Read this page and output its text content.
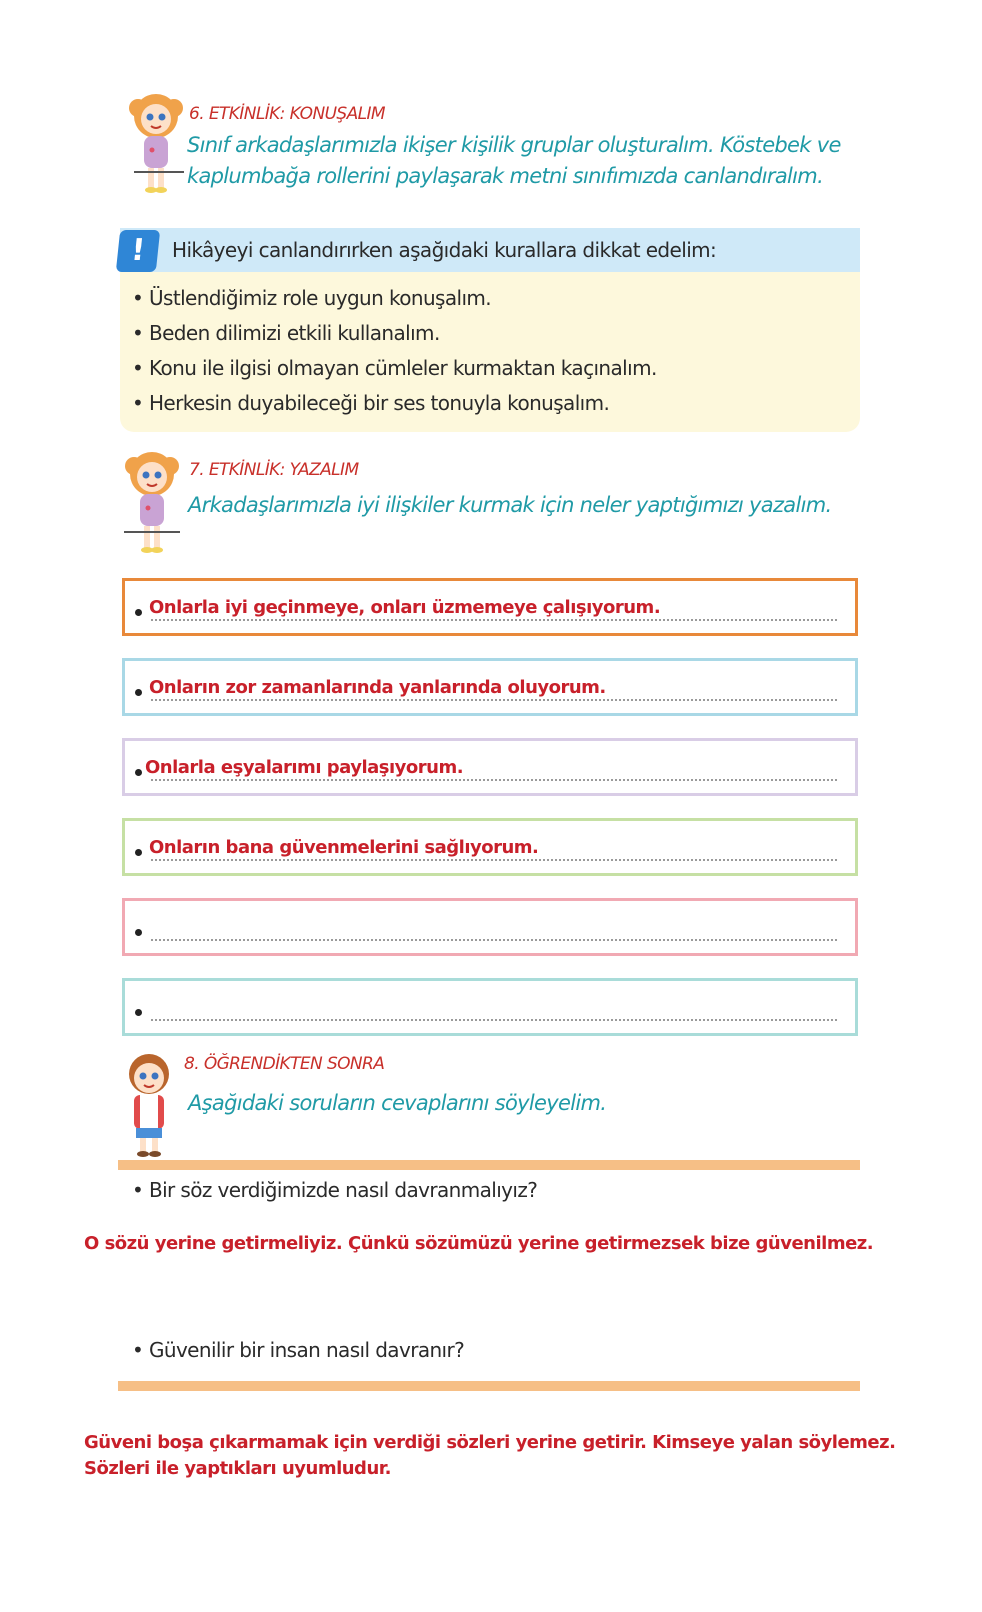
6. ETKİNLİK: KONUŞALIM
Sınıf arkadaşlarımızla ikişer kişilik gruplar oluşturalım. Köstebek ve
kaplumbağa rollerini paylaşarak metni sınıfımızda canlandıralım.
!	Hikâyeyi canlandırırken aşağıdaki kurallara dikkat edelim:
• Üstlendiğimiz role uygun konuşalım.
• Beden dilimizi etkili kullanalım.
• Konu ile ilgisi olmayan cümleler kurmaktan kaçınalım.
• Herkesin duyabileceği bir ses tonuyla konuşalım.
7. ETKİNLİK: YAZALIM
Arkadaşlarımızla iyi ilişkiler kurmak için neler yaptığımızı yazalım.
Onlarla iyi geçinmeye, onları üzmemeye çalışıyorum.
Onların zor zamanlarında yanlarında oluyorum.
Onlarla eşyalarımı paylaşıyorum.
Onların bana güvenmelerini sağlıyorum.
8. ÖĞRENDİKTEN SONRA
Aşağıdaki soruların cevaplarını söyleyelim.
• Bir söz verdiğimizde nasıl davranmalıyız?
O sözü yerine getirmeliyiz. Çünkü sözümüzü yerine getirmezsek bize güvenilmez.
• Güvenilir bir insan nasıl davranır?
Güveni boşa çıkarmamak için verdiği sözleri yerine getirir. Kimseye yalan söylemez.
Sözleri ile yaptıkları uyumludur.
